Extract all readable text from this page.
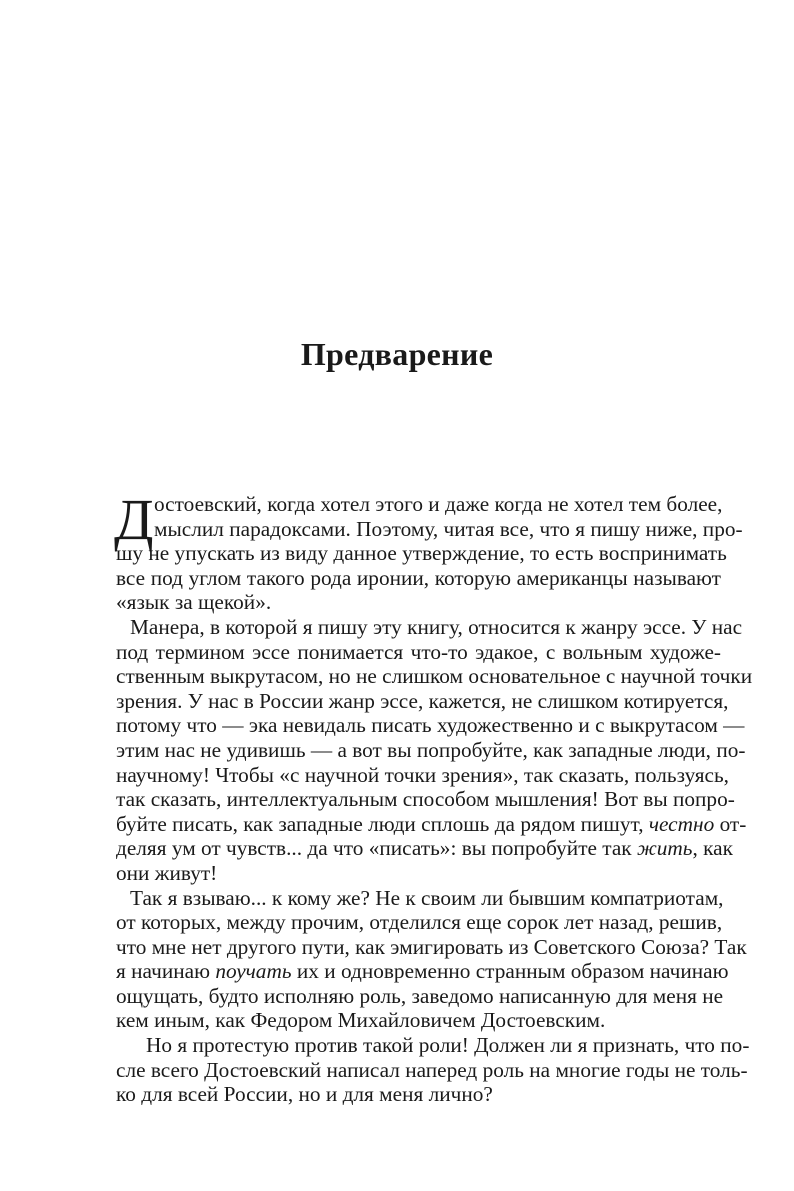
Предварение
Д остоевский, когда хотел этого и даже когда не хотел тем более,
мыслил парадоксами. Поэтому, читая все, что я пишу ниже, про-
шу не упускать из виду данное утверждение, то есть воспринимать
все под углом такого рода иронии, которую американцы называют
«язык за щекой».
Манера, в которой я пишу эту книгу, относится к жанру эссе. У нас
под термином эссе понимается что-то эдакое, с вольным художе-
ственным выкрутасом, но не слишком основательное с научной точки
зрения. У нас в России жанр эссе, кажется, не слишком котируется,
потому что — эка невидаль писать художественно и с выкрутасом —
этим нас не удивишь — а вот вы попробуйте, как западные люди, по-
научному! Чтобы «с научной точки зрения», так сказать, пользуясь,
так сказать, интеллектуальным способом мышления! Вот вы попро-
буйте писать, как западные люди сплошь да рядом пишут, честно от-
деляя ум от чувств... да что «писать»: вы попробуйте так жить, как
они живут!
Так я взываю... к кому же? Не к своим ли бывшим компатриотам,
от которых, между прочим, отделился еще сорок лет назад, решив,
что мне нет другого пути, как эмигировать из Советского Союза? Так
я начинаю поучать их и одновременно странным образом начинаю
ощущать, будто исполняю роль, заведомо написанную для меня не
кем иным, как Федором Михайловичем Достоевским.
Но я протестую против такой роли! Должен ли я признать, что по-
сле всего Достоевский написал наперед роль на многие годы не толь-
ко для всей России, но и для меня лично?
